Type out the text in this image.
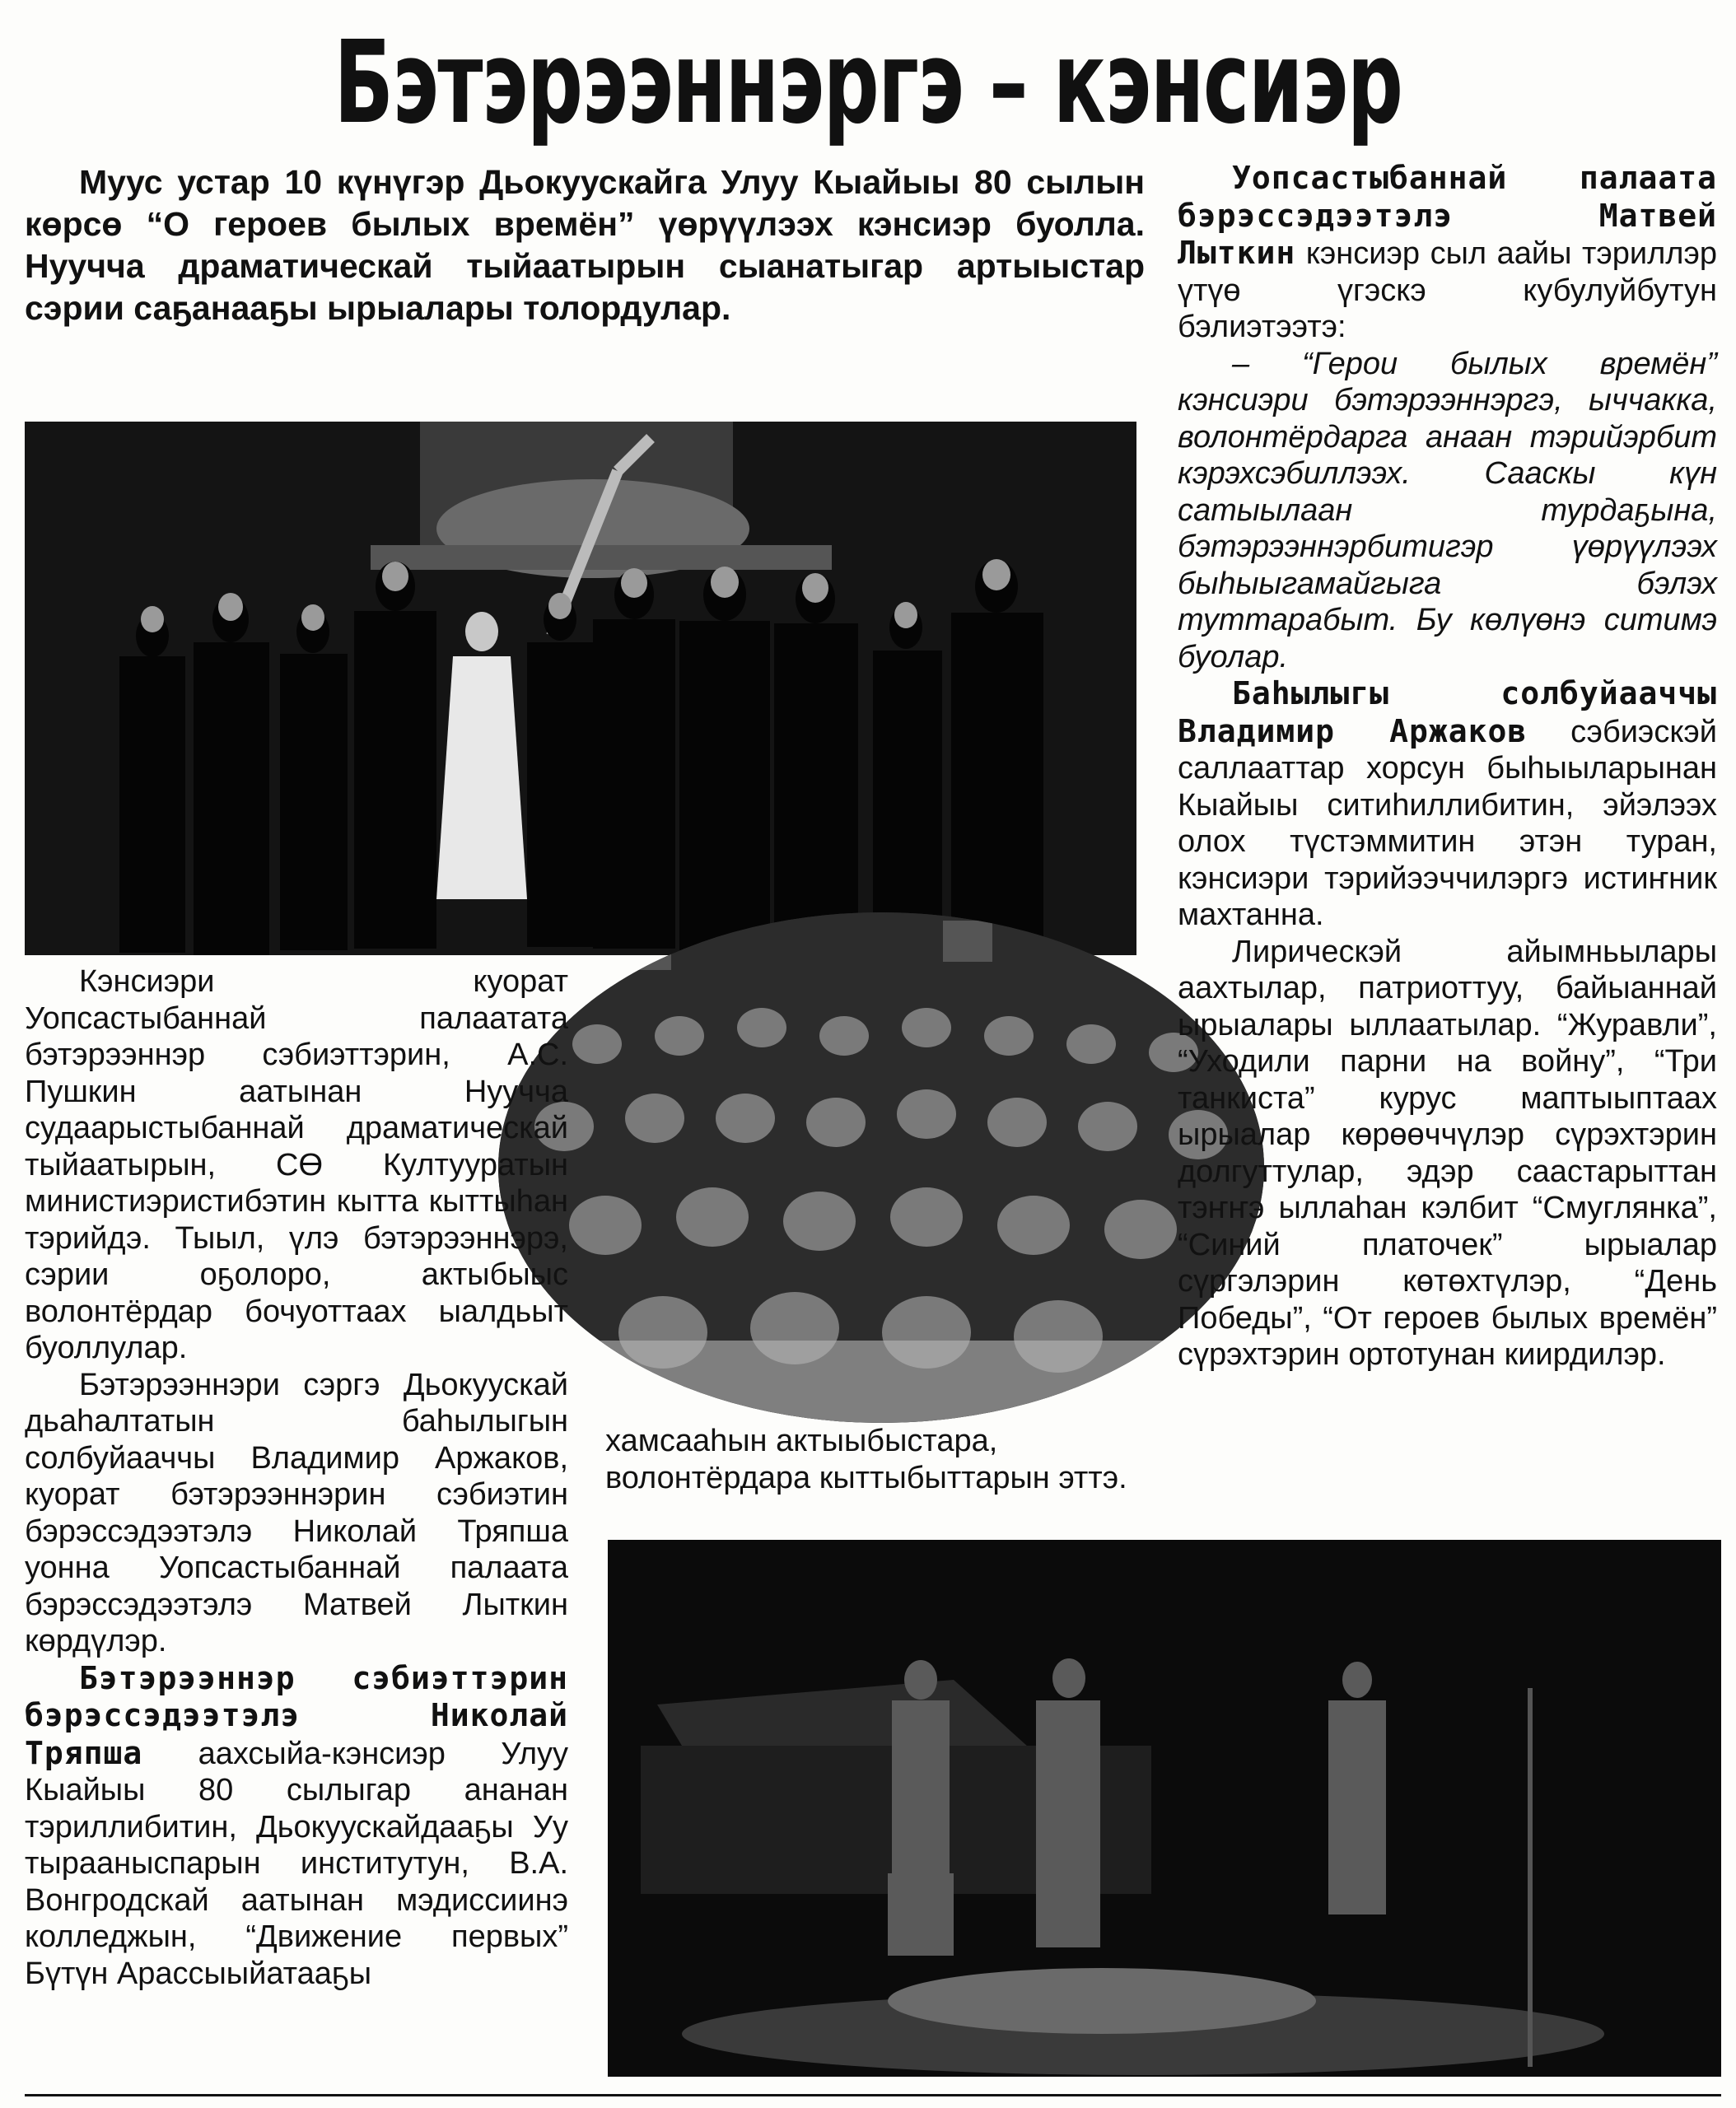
Бэтэрээннэргэ – кэнсиэр
Муус устар 10 күнүгэр Дьокуускайга Улуу Кыайыы 80 сылын көрсө “О героев былых времён” үөрүүлээх кэнсиэр буолла. Нуучча драматическай тыйаатырын сыанатыгар артыыстар сэрии саҕанааҕы ырыалары толордулар.

Уопсастыбаннай палаата бэрэссэдээтэлэ Матвей Лыткин кэнсиэр сыл аайы тэриллэр үтүө үгэскэ кубулуйбутун бэлиэтээтэ:

– “Герои былых времён” кэнсиэри бэтэрээннэргэ, ыччакка, волонтёрдарга анаан тэрийэрбит кэрэхсэбиллээх. Сааскы күн сатыылаан турдаҕына, бэтэрээннэрбитигэр үөрүүлээх быһыыгамайгыга бэлэх туттарабыт. Бу көлүөнэ ситимэ буолар.

Баһылыгы солбуйааччы Владимир Аржаков сэбиэскэй саллааттар хорсун быһыыларынан Кыайыы ситиһиллибитин, эйэлээх олох түстэммитин этэн туран, кэнсиэри тэрийээччилэргэ истиҥник махтанна.

Лирическэй айымньылары аахтылар, патриоттуу, байыаннай ырыалары ыллаатылар. “Журавли”, “Уходили парни на войну”, “Три танкиста” курус маптыыптаах ырыалар көрөөччүлэр сүрэхтэрин долгуттулар, эдэр саастарыттан тэҥҥэ ыллаһан кэлбит “Смуглянка”, “Синий платочек” ырыалар сүргэлэрин көтөхтүлэр, “День Победы”, “От героев былых времён” сүрэхтэрин ортотунан киирдилэр.

Кэнсиэри куорат Уопсастыбаннай палаатата бэтэрээннэр сэбиэттэрин, А.С. Пушкин аатынан Нуучча судаарыстыбаннай драматическай тыйаатырын, СӨ Култууратын министиэристибэтин кытта кыттыһан тэрийдэ. Тыыл, үлэ бэтэрээннэрэ, сэрии оҕолоро, актыбыыс волонтёрдар бочуоттаах ыалдьыт буоллулар.

Бэтэрээннэри сэргэ Дьокуускай дьаһалтатын баһылыгын солбуйааччы Владимир Аржаков, куорат бэтэрээннэрин сэбиэтин бэрэссэдээтэлэ Николай Тряпша уонна Уопсастыбаннай палаата бэрэссэдээтэлэ Матвей Лыткин көрдүлэр.

Бэтэрээннэр сэбиэттэрин бэрэссэдээтэлэ Николай Тряпша аахсыйа-кэнсиэр Улуу Кыайыы 80 сылыгар ананан тэриллибитин, Дьокуускайдааҕы Уу тырааныспарын институтун, В.А. Вонгродскай аатынан мэдиссиинэ колледжын, “Движение первых” Бүтүн Арассыыйатааҕы

хамсааһын актыыбыстара, волонтёрдара кыттыбыттарын эттэ.
